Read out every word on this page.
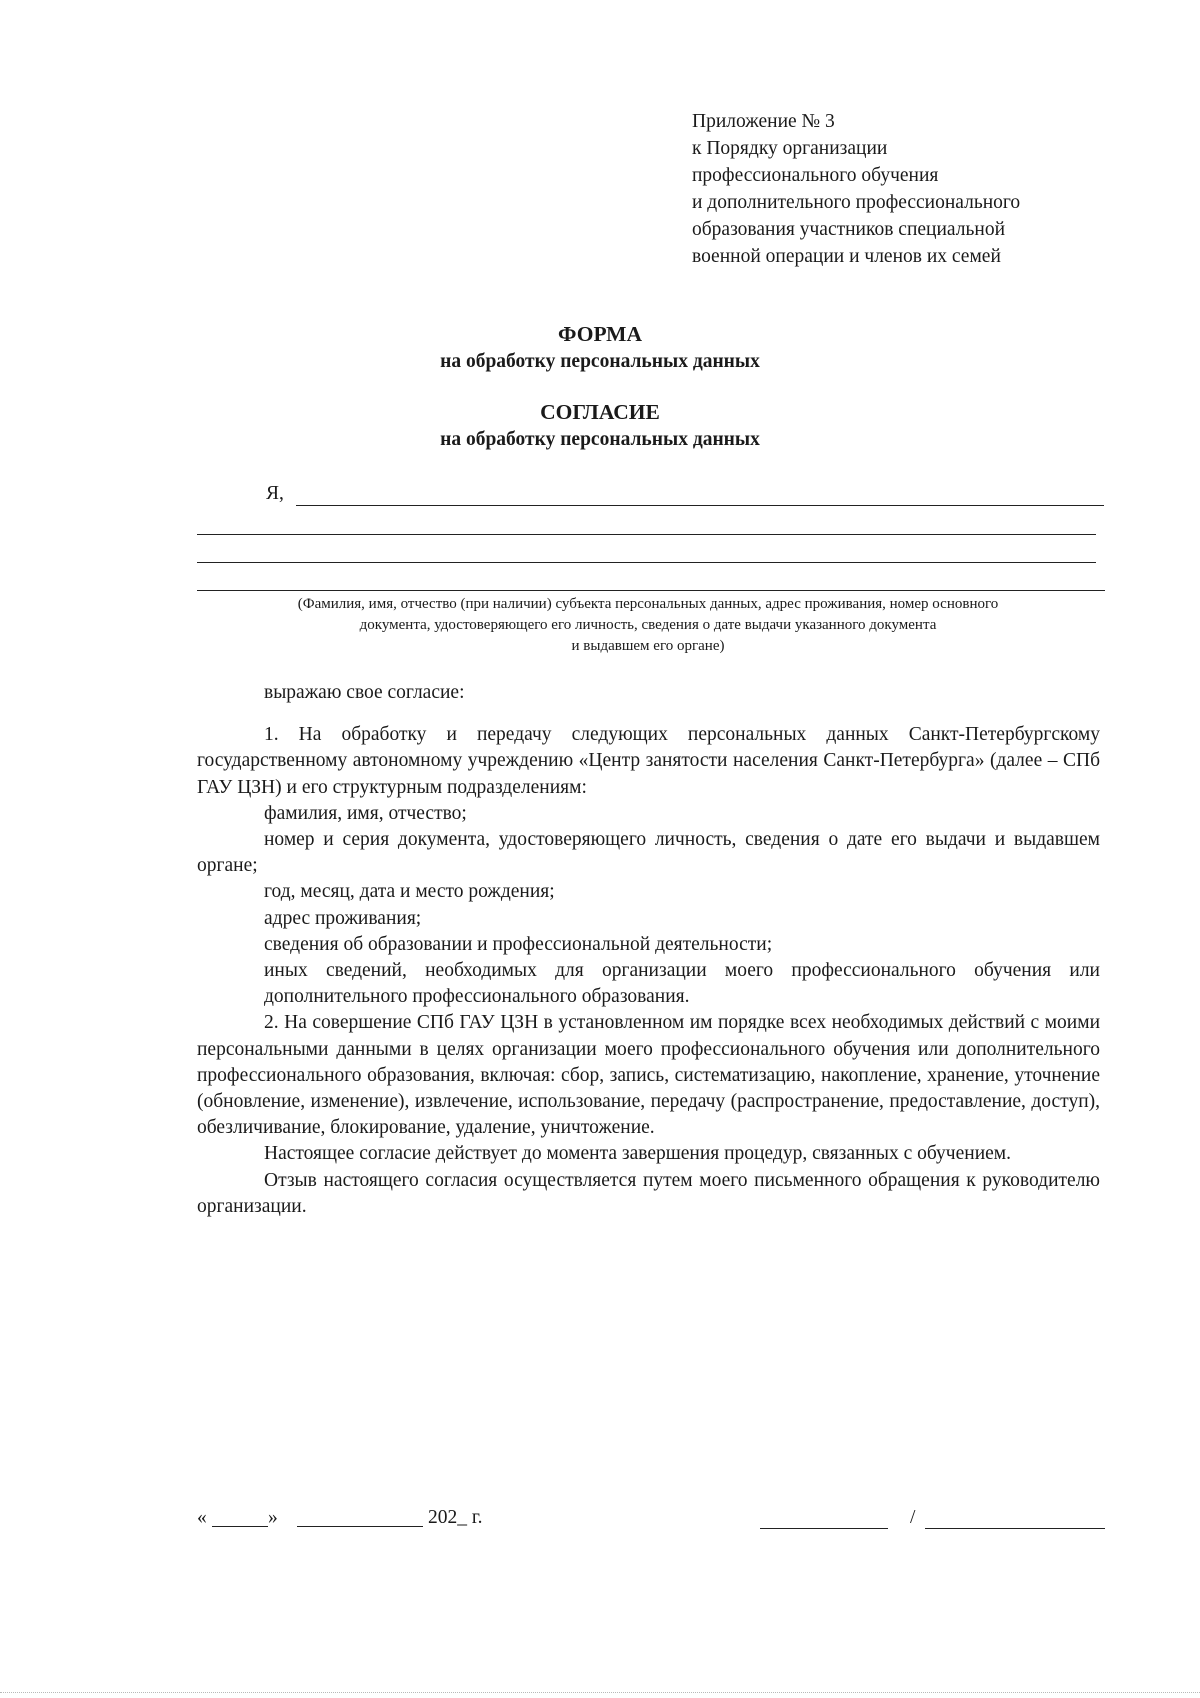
Приложение № 3
к Порядку организации
профессионального обучения
и дополнительного профессионального
образования участников специальной
военной операции и членов их семей
ФОРМА
на обработку персональных данных
СОГЛАСИЕ
на обработку персональных данных
Я,
(Фамилия, имя, отчество (при наличии) субъекта персональных данных, адрес проживания, номер основного
документа, удостоверяющего его личность, сведения о дате выдачи указанного документа
и выдавшем его органе)

выражаю свое согласие:

1. На обработку и передачу следующих персональных данных Санкт-Петербургскому государственному автономному учреждению «Центр занятости населения Санкт-Петербурга» (далее – СПб ГАУ ЦЗН) и его структурным подразделениям:

фамилия, имя, отчество;

номер и серия документа, удостоверяющего личность, сведения о дате его выдачи и выдавшем органе;

год, месяц, дата и место рождения;

адрес проживания;

сведения об образовании и профессиональной деятельности;

иных сведений, необходимых для организации моего профессионального обучения или дополнительного профессионального образования.

2. На совершение СПб ГАУ ЦЗН в установленном им порядке всех необходимых действий с моими персональными данными в целях организации моего профессионального обучения или дополнительного профессионального образования, включая: сбор, запись, систематизацию, накопление, хранение, уточнение (обновление, изменение), извлечение, использование, передачу (распространение, предоставление, доступ), обезличивание, блокирование, удаление, уничтожение.

Настоящее согласие действует до момента завершения процедур, связанных с обучением.

Отзыв настоящего согласия осуществляется путем моего письменного обращения к руководителю организации.

«	»	202_ г.	/
